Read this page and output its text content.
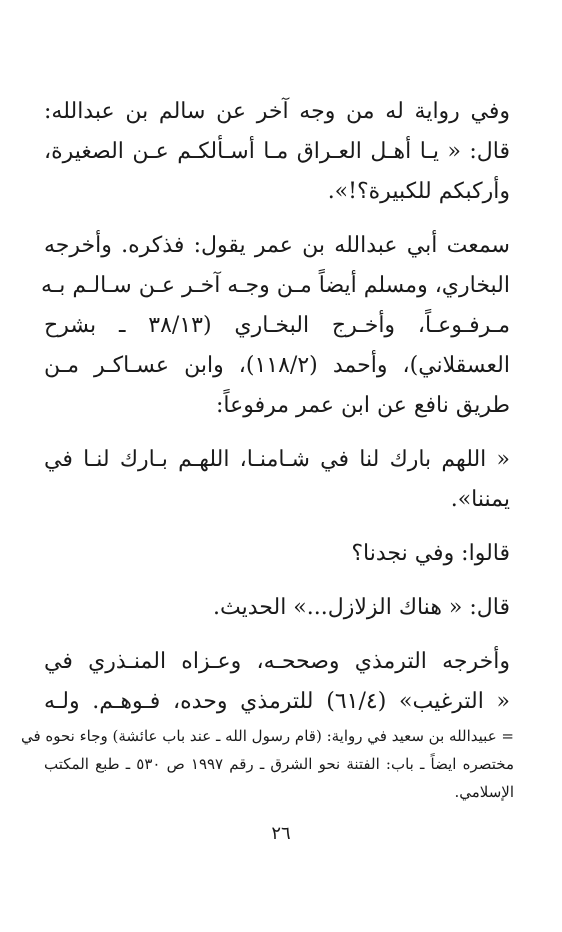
وفي رواية له من وجه آخر عن سالم بن عبدالله:
قال: « يـا أهـل العـراق مـا أسـألكـم عـن الصغيرة،
وأركبكم للكبيرة؟!».
سمعت أبي عبدالله بن عمر يقول: فذكره. وأخرجه
البخاري، ومسلم أيضاً مـن وجـه آخـر عـن سـالـم بـه
مـرفـوعـاً، وأخـرج البخـاري (٣٨/١٣ ـ بشرح
العسقلاني)، وأحمد (١١٨/٢)، وابن عسـاكـر مـن
طريق نافع عن ابن عمر مرفوعاً:
« اللهم بارك لنا في شـامنـا، اللهـم بـارك لنـا في
يمننا».
قالوا: وفي نجدنا؟
قال: « هناك الزلازل...» الحديث.
وأخرجه الترمذي وصححـه، وعـزاه المنـذري في
« الترغيب» (٦١/٤) للترمذي وحده، فـوهـم. ولـه
= عبيدالله بن سعيد في رواية: (قام رسول الله ـ عند باب عائشة) وجاء نحوه في
مختصره ايضاً ـ باب: الفتنة نحو الشرق ـ رقم ١٩٩٧ ص ٥٣٠ ـ طبع المكتب
الإسلامي.
٢٦
